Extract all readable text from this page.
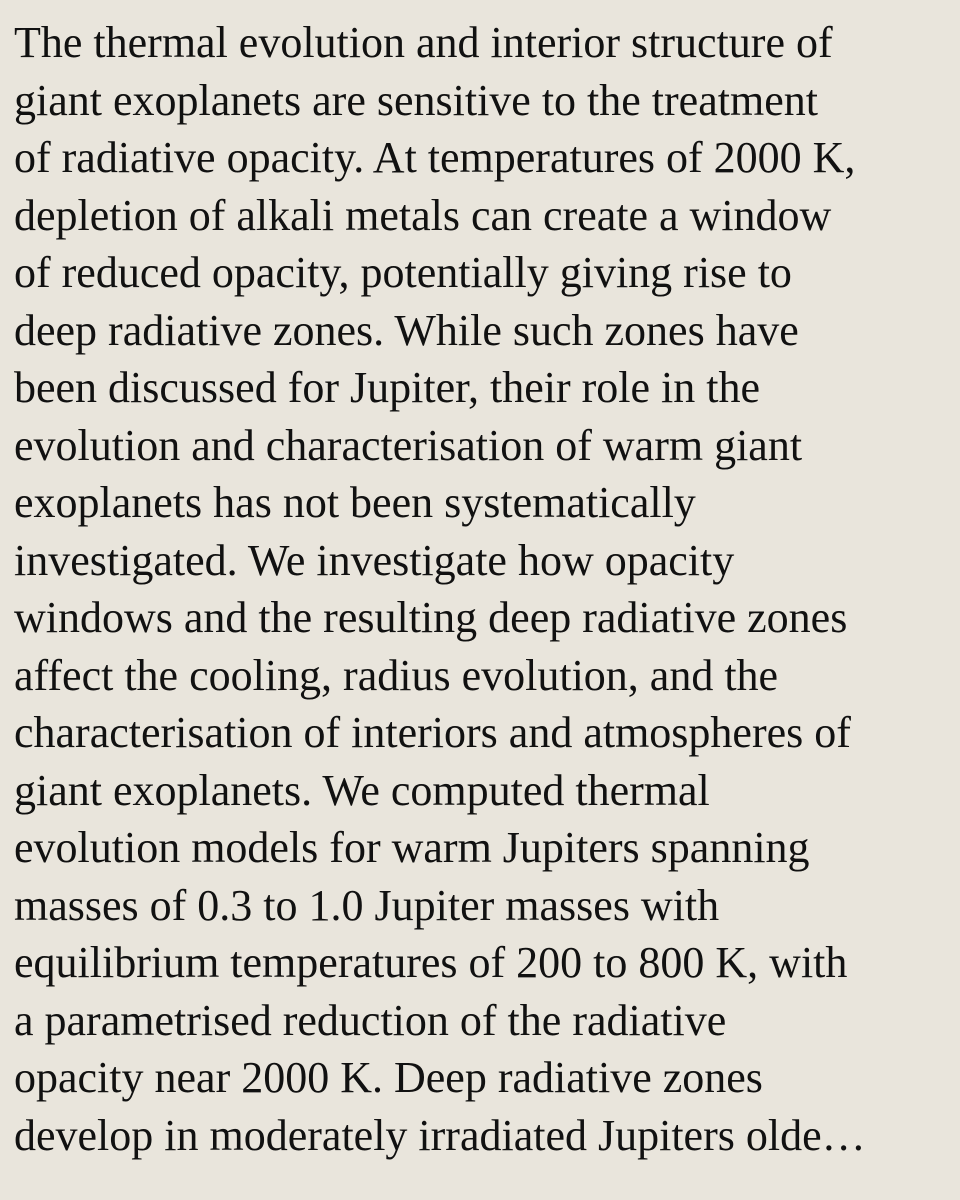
The thermal evolution and interior structure of
giant exoplanets are sensitive to the treatment
of radiative opacity. At temperatures of 2000 K,
depletion of alkali metals can create a window
of reduced opacity, potentially giving rise to
deep radiative zones. While such zones have
been discussed for Jupiter, their role in the
evolution and characterisation of warm giant
exoplanets has not been systematically
investigated. We investigate how opacity
windows and the resulting deep radiative zones
affect the cooling, radius evolution, and the
characterisation of interiors and atmospheres of
giant exoplanets. We computed thermal
evolution models for warm Jupiters spanning
masses of 0.3 to 1.0 Jupiter masses with
equilibrium temperatures of 200 to 800 K, with
a parametrised reduction of the radiative
opacity near 2000 K. Deep radiative zones
develop in moderately irradiated Jupiters olde…
